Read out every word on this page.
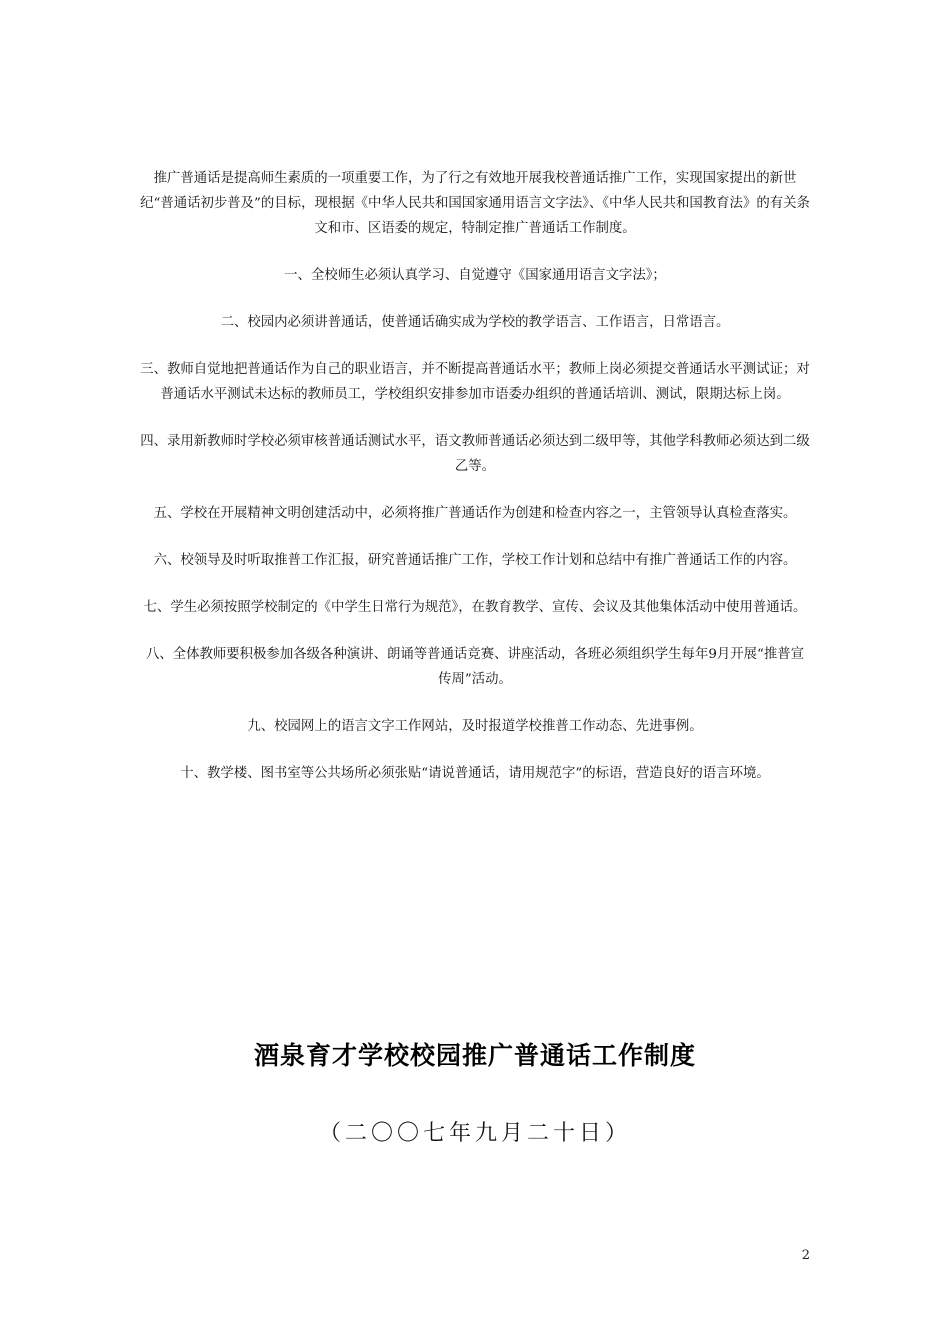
推广普通话是提高师生素质的一项重要工作，为了行之有效地开展我校普通话推广工作，实现国家提出的新世纪“普通话初步普及”的目标，现根据《中华人民共和国国家通用语言文字法》、《中华人民共和国教育法》的有关条文和市、区语委的规定，特制定推广普通话工作制度。

一、全校师生必须认真学习、自觉遵守《国家通用语言文字法》；

二、校园内必须讲普通话，使普通话确实成为学校的教学语言、工作语言，日常语言。

三、教师自觉地把普通话作为自己的职业语言，并不断提高普通话水平；教师上岗必须提交普通话水平测试证；对普通话水平测试未达标的教师员工，学校组织安排参加市语委办组织的普通话培训、测试，限期达标上岗。

四、录用新教师时学校必须审核普通话测试水平，语文教师普通话必须达到二级甲等，其他学科教师必须达到二级乙等。

五、学校在开展精神文明创建活动中，必须将推广普通话作为创建和检查内容之一，主管领导认真检查落实。

六、校领导及时听取推普工作汇报，研究普通话推广工作，学校工作计划和总结中有推广普通话工作的内容。

七、学生必须按照学校制定的《中学生日常行为规范》，在教育教学、宣传、会议及其他集体活动中使用普通话。

八、全体教师要积极参加各级各种演讲、朗诵等普通话竞赛、讲座活动，各班必须组织学生每年9月开展“推普宣传周”活动。

九、校园网上的语言文字工作网站，及时报道学校推普工作动态、先进事例。

十、教学楼、图书室等公共场所必须张贴“请说普通话，请用规范字”的标语，营造良好的语言环境。

酒泉育才学校校园推广普通话工作制度
（二〇〇七年九月二十日）
2
